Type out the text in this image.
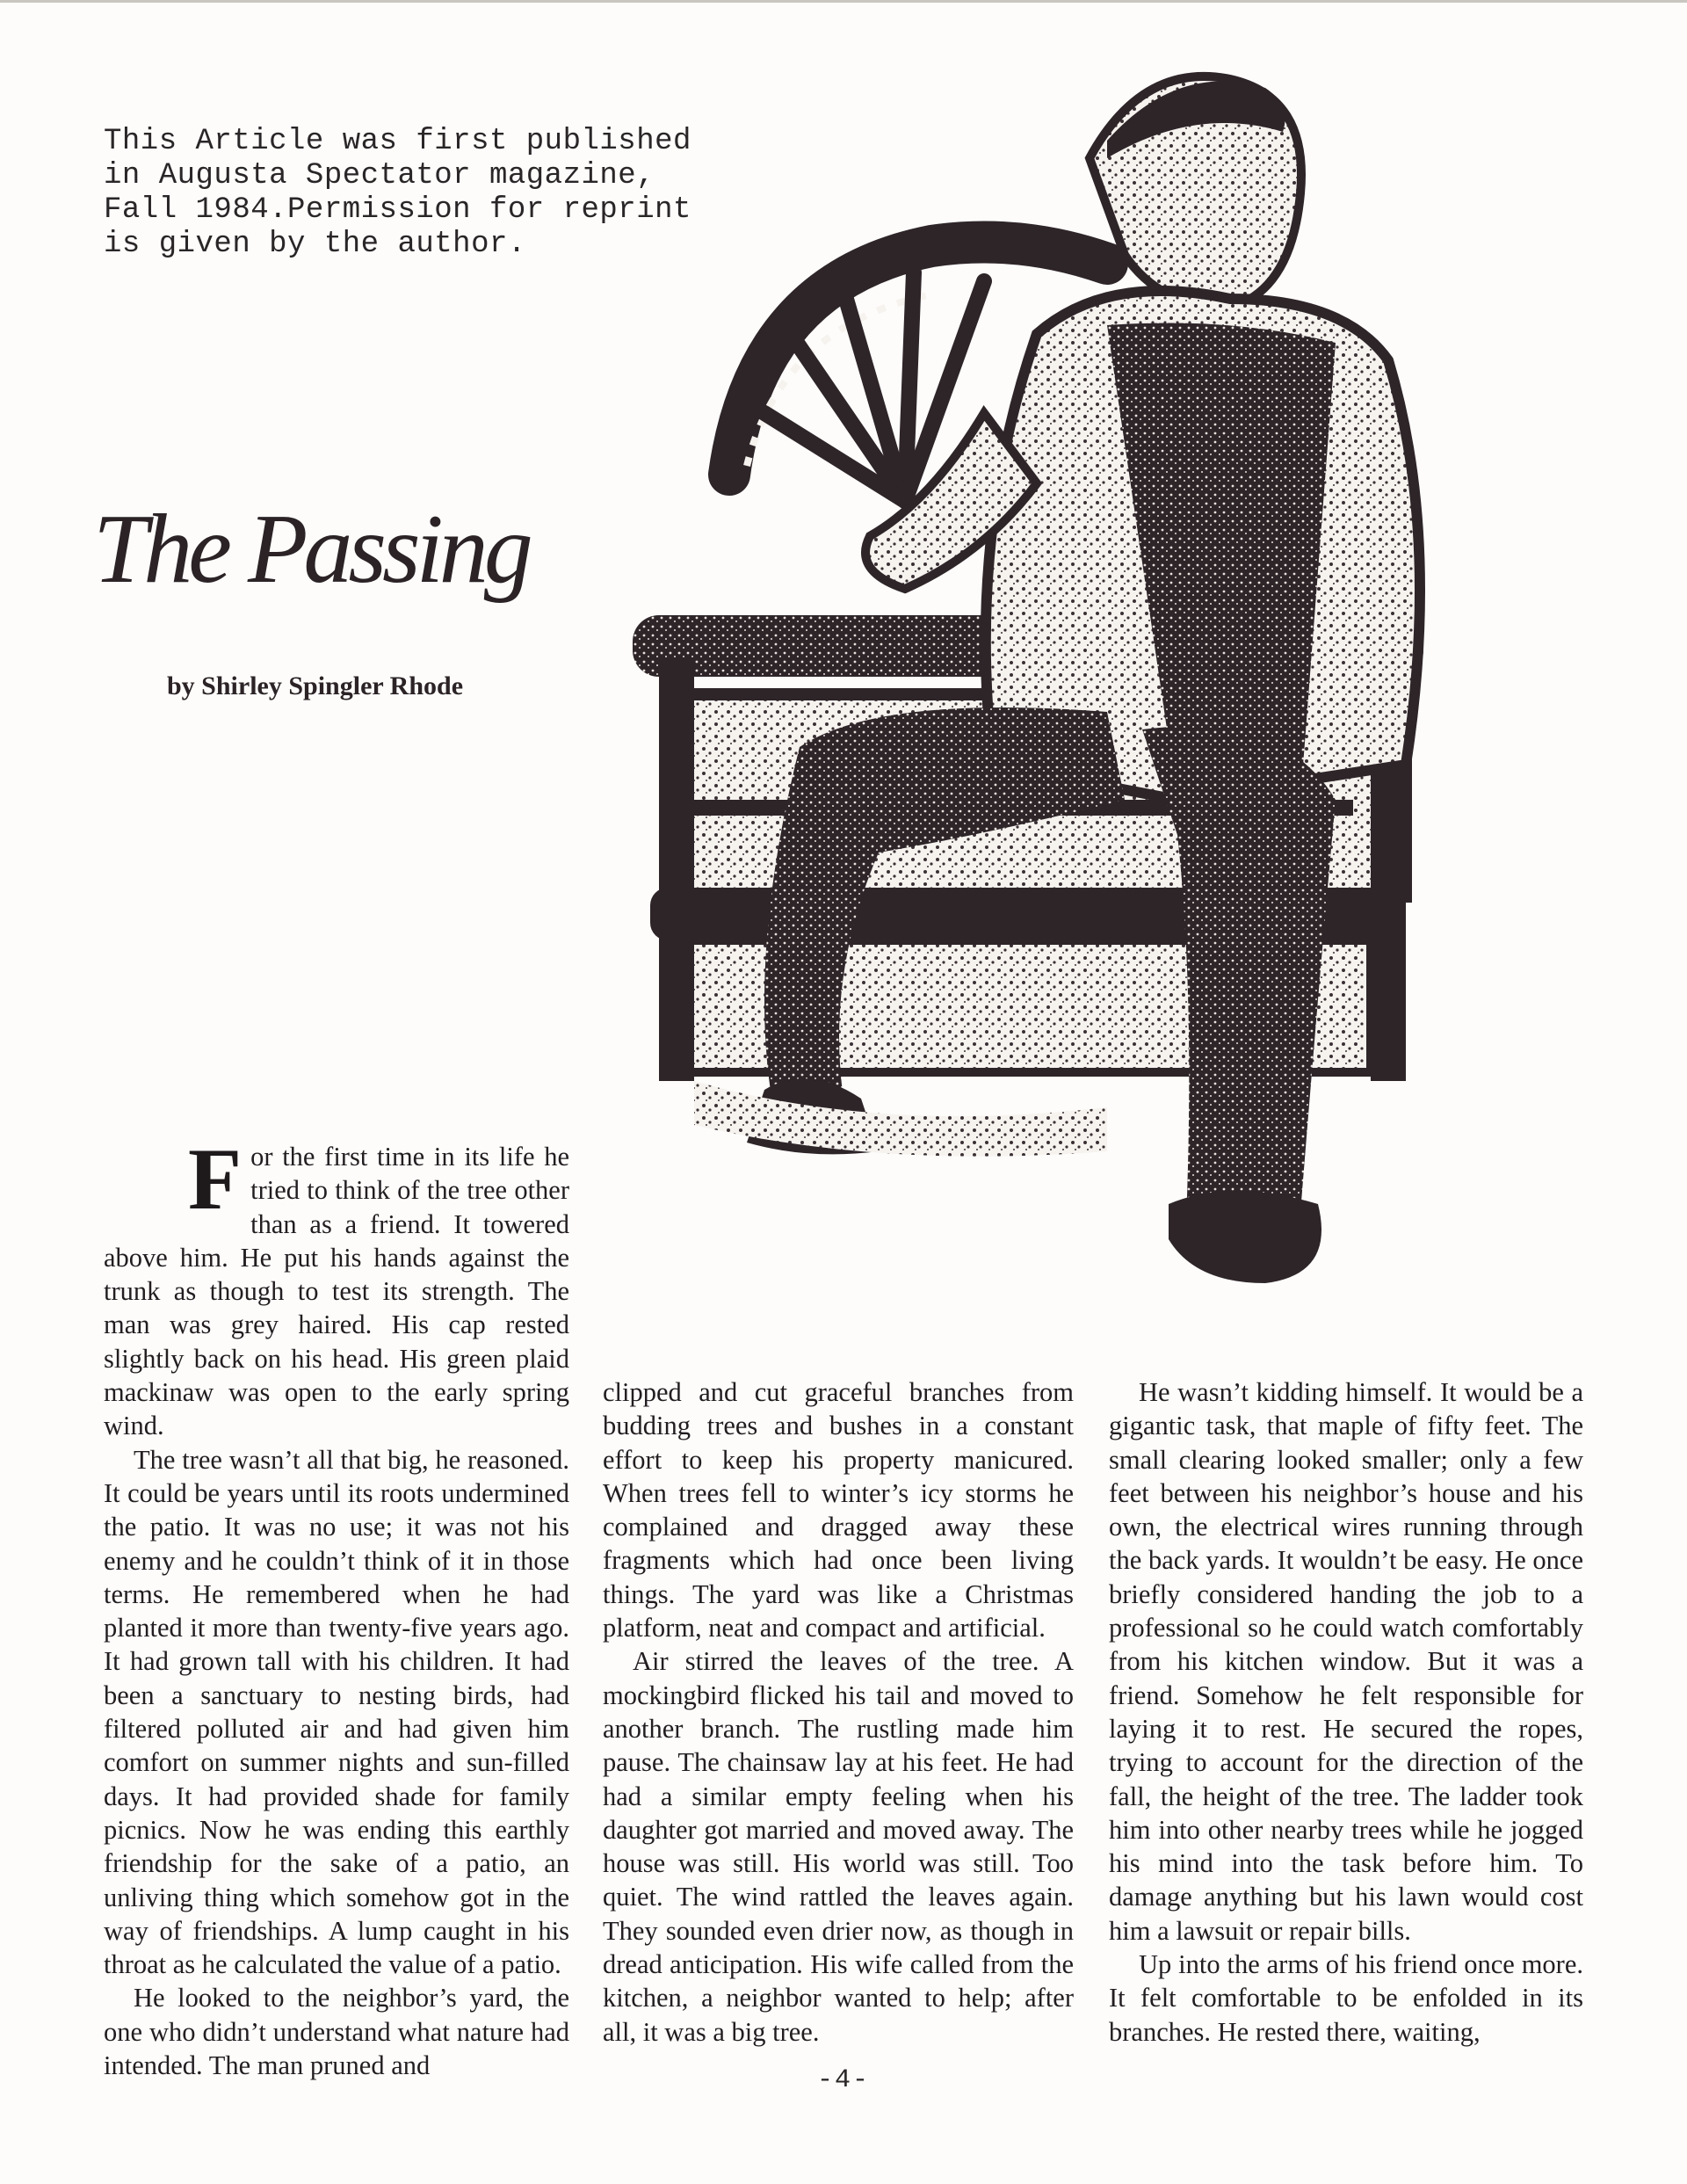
This Article was first published
in Augusta Spectator magazine,
Fall 1984.Permission for reprint
is given by the author.
The Passing
by Shirley Spingler Rhode

For the first time in its life he tried to think of the tree other than as a friend. It towered above him. He put his hands against the trunk as though to test its strength. The man was grey haired. His cap rested slightly back on his head. His green plaid mackinaw was open to the early spring wind.

The tree wasn’t all that big, he reasoned. It could be years until its roots undermined the patio. It was no use; it was not his enemy and he couldn’t think of it in those terms. He remembered when he had planted it more than twenty-five years ago. It had grown tall with his children. It had been a sanctuary to nesting birds, had filtered polluted air and had given him comfort on summer nights and sun-filled days. It had provided shade for family picnics. Now he was ending this earthly friendship for the sake of a patio, an unliving thing which somehow got in the way of friendships. A lump caught in his throat as he calculated the value of a patio.

He looked to the neighbor’s yard, the one who didn’t understand what nature had intended. The man pruned and

clipped and cut graceful branches from budding trees and bushes in a constant effort to keep his property manicured. When trees fell to winter’s icy storms he complained and dragged away these fragments which had once been living things. The yard was like a Christmas platform, neat and compact and artificial.

Air stirred the leaves of the tree. A mockingbird flicked his tail and moved to another branch. The rustling made him pause. The chainsaw lay at his feet. He had had a similar empty feeling when his daughter got married and moved away. The house was still. His world was still. Too quiet. The wind rattled the leaves again. They sounded even drier now, as though in dread anticipation. His wife called from the kitchen, a neighbor wanted to help; after all, it was a big tree.

He wasn’t kidding himself. It would be a gigantic task, that maple of fifty feet. The small clearing looked smaller; only a few feet between his neighbor’s house and his own, the electrical wires running through the back yards. It wouldn’t be easy. He once briefly considered handing the job to a professional so he could watch comfortably from his kitchen window. But it was a friend. Somehow he felt responsible for laying it to rest. He secured the ropes, trying to account for the direction of the fall, the height of the tree. The ladder took him into other nearby trees while he jogged his mind into the task before him. To damage anything but his lawn would cost him a lawsuit or repair bills.

Up into the arms of his friend once more. It felt comfortable to be enfolded in its branches. He rested there, waiting,

-4-
